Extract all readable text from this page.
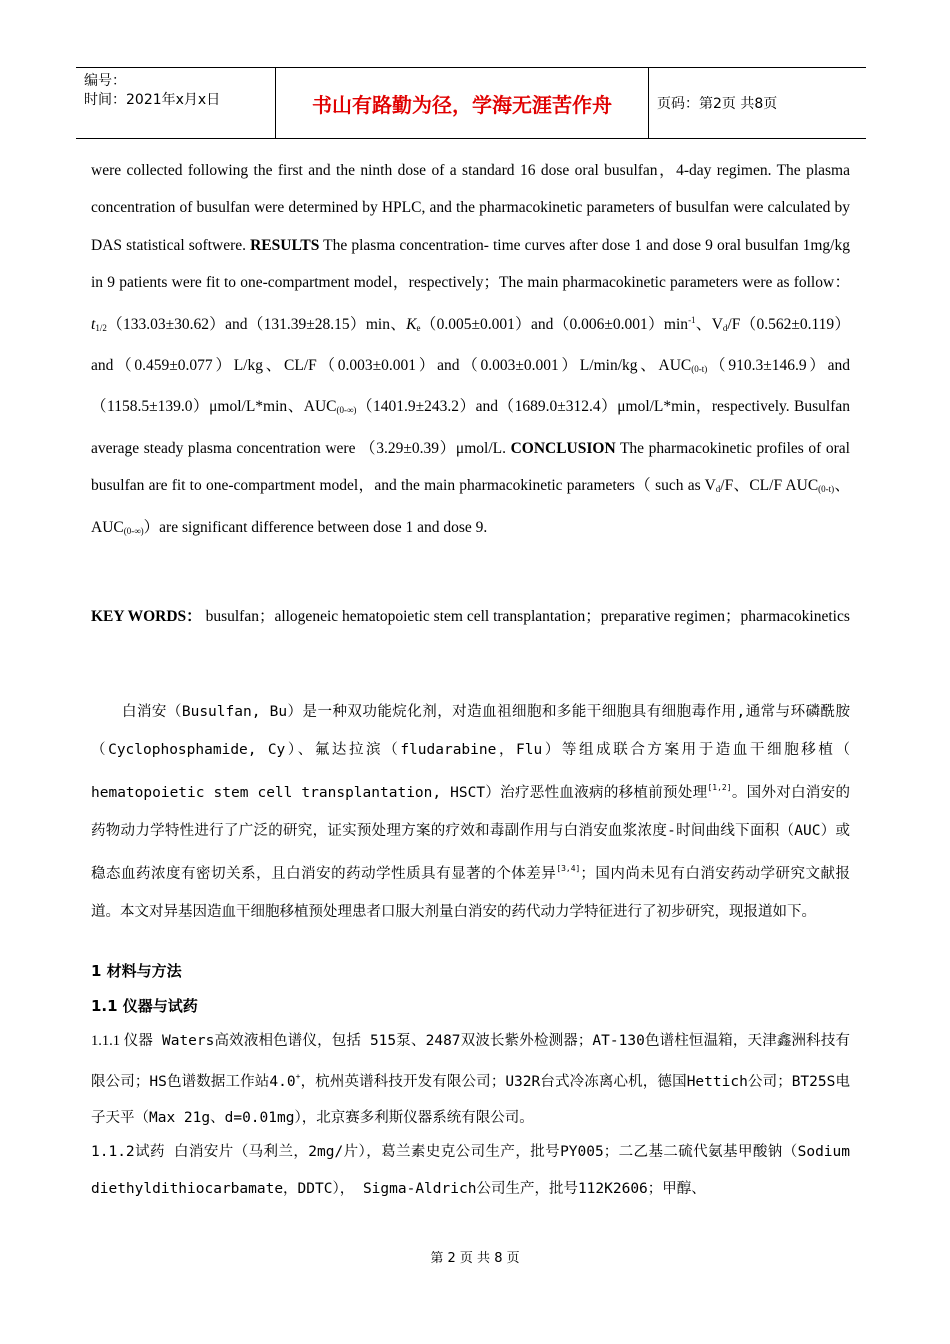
编号：
时间：2021年x月x日	书山有路勤为径，学海无涯苦作舟	页码：第2页 共8页
were collected following the first and the ninth dose of a standard 16 dose oral busulfan，4-day regimen. The plasma concentration of busulfan were determined by HPLC, and the pharmacokinetic parameters of busulfan were calculated by DAS statistical softwere. RESULTS The plasma concentration- time curves after dose 1 and dose 9 oral busulfan 1mg/kg in 9 patients were fit to one-compartment model，respectively；The main pharmacokinetic parameters were as follow：$t_{1/2}(133.03\pm 30.62)and(131.39\pm 28.15)\min$、$K_e(0.005\pm 0.001)and(0.006\pm 0.001)\min^{-1}$、$V_d/F(0.562\pm 0.119)and(0.459\pm 0.077)L/kg$、CL/F（0.003±0.001）and（0.003±0.001）L/min/kg、$AUC_{(0-t)}(910.3\pm 146.9)and(1158.5\pm 139.0)\mu mol/L*\min$、$AUC_{(0-\infty)}(1401.9\pm 243.2)and(1689.0\pm 312.4)\mu mol/L*\min$，respectively. Busulfan average steady plasma concentration were （3.29±0.39）μmol/L. CONCLUSION The pharmacokinetic profiles of oral busulfan are fit to one-compartment model，and the main pharmacokinetic parameters（ such as $V_d/F$、CL/F $AUC_{(0-t)}$、$AUC_{(0-\infty)})are$ significant difference between dose 1 and dose 9.
KEY WORDS： busulfan；allogeneic hematopoietic stem cell transplantation；preparative regimen；pharmacokinetics
白消安（Busulfan, Bu）是一种双功能烷化剂，对造血祖细胞和多能干细胞具有细胞毒作用,通常与环磷酰胺（Cyclophosphamide, Cy）、氟达拉滨（fludarabine，Flu）等组成联合方案用于造血干细胞移植（ hematopoietic stem cell transplantation, HSCT）治疗恶性血液病的移植前预处理[1,2]。国外对白消安的药物动力学特性进行了广泛的研究，证实预处理方案的疗效和毒副作用与白消安血浆浓度-时间曲线下面积（AUC）或稳态血药浓度有密切关系，且白消安的药动学性质具有显著的个体差异[3,4]；国内尚未见有白消安药动学研究文献报道。本文对异基因造血干细胞移植预处理患者口服大剂量白消安的药代动力学特征进行了初步研究，现报道如下。
1 材料与方法
1.1 仪器与试药
1.1.1 仪器 Waters高效液相色谱仪，包括 515泵、2487双波长紫外检测器；AT-130色谱柱恒温箱，天津鑫洲科技有限公司；HS色谱数据工作站4.0+，杭州英谱科技开发有限公司；U32R台式冷冻离心机，德国Hettich公司；BT25S电子天平（Max 21g、d=0.01mg），北京赛多利斯仪器系统有限公司。
1.1.2试药 白消安片（马利兰，2mg/片），葛兰素史克公司生产，批号PY005；二乙基二硫代氨基甲酸钠（Sodium diethyldithiocarbamate，DDTC）， Sigma-Aldrich公司生产，批号112K2606；甲醇、
第 2 页 共 8 页
